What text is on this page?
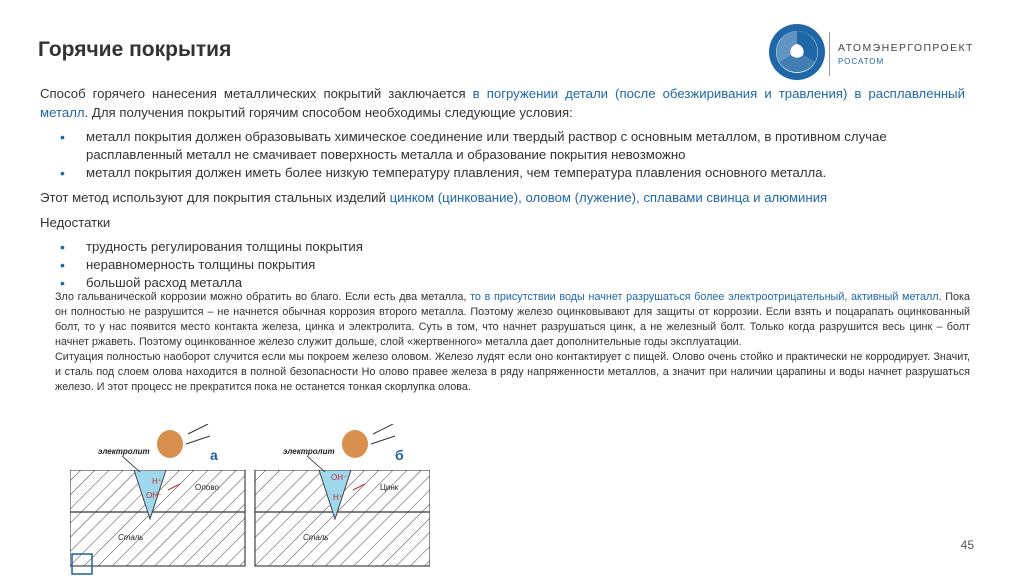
Горячие покрытия	АТОМЭНЕРГОПРОЕКТ
РОСАТОМ

Способ горячего нанесения металлических покрытий заключается в погружении детали (после обезжиривания и травления) в расплавленный металл. Для получения покрытий горячим способом необходимы следующие условия:

• металл покрытия должен образовывать химическое соединение или твердый раствор с основным металлом, в противном случае расплавленный металл не смачивает поверхность металла и образование покрытия невозможно
• металл покрытия должен иметь более низкую температуру плавления, чем температура плавления основного металла.

Этот метод используют для покрытия стальных изделий цинком (цинкование), оловом (лужение), сплавами свинца и алюминия

Недостатки

• трудность регулирования толщины покрытия
• неравномерность толщины покрытия
• большой расход металла

Зло гальванической коррозии можно обратить во благо. Если есть два металла, то в присутствии воды начнет разрушаться более электроотрицательный, активный металл. Пока он полностью не разрушится – не начнется обычная коррозия второго металла. Поэтому железо оцинковывают для защиты от коррозии. Если взять и поцарапать оцинкованный болт, то у нас появится место контакта железа, цинка и электролита. Суть в том, что начнет разрушаться цинк, а не железный болт. Только когда разрушится весь цинк – болт начнет ржаветь. Поэтому оцинкованное железо служит дольше, слой «жертвенного» металла дает дополнительные годы эксплуатации.

Ситуация полностью наоборот случится если мы покроем железо оловом. Железо лудят если оно контактирует с пищей. Олово очень стойко и практически не корродирует. Значит, и сталь под слоем олова находится в полной безопасности Но олово правее железа в ряду напряженности металлов, а значит при наличии царапины и воды начнет разрушаться железо. И этот процесс не прекратится пока не останется тонкая скорлупка олова.

электролит	а
H⁺
OH⁻
Олово
Сталь
электролит	б
OH⁻
H⁺
Цинк
Сталь
45
